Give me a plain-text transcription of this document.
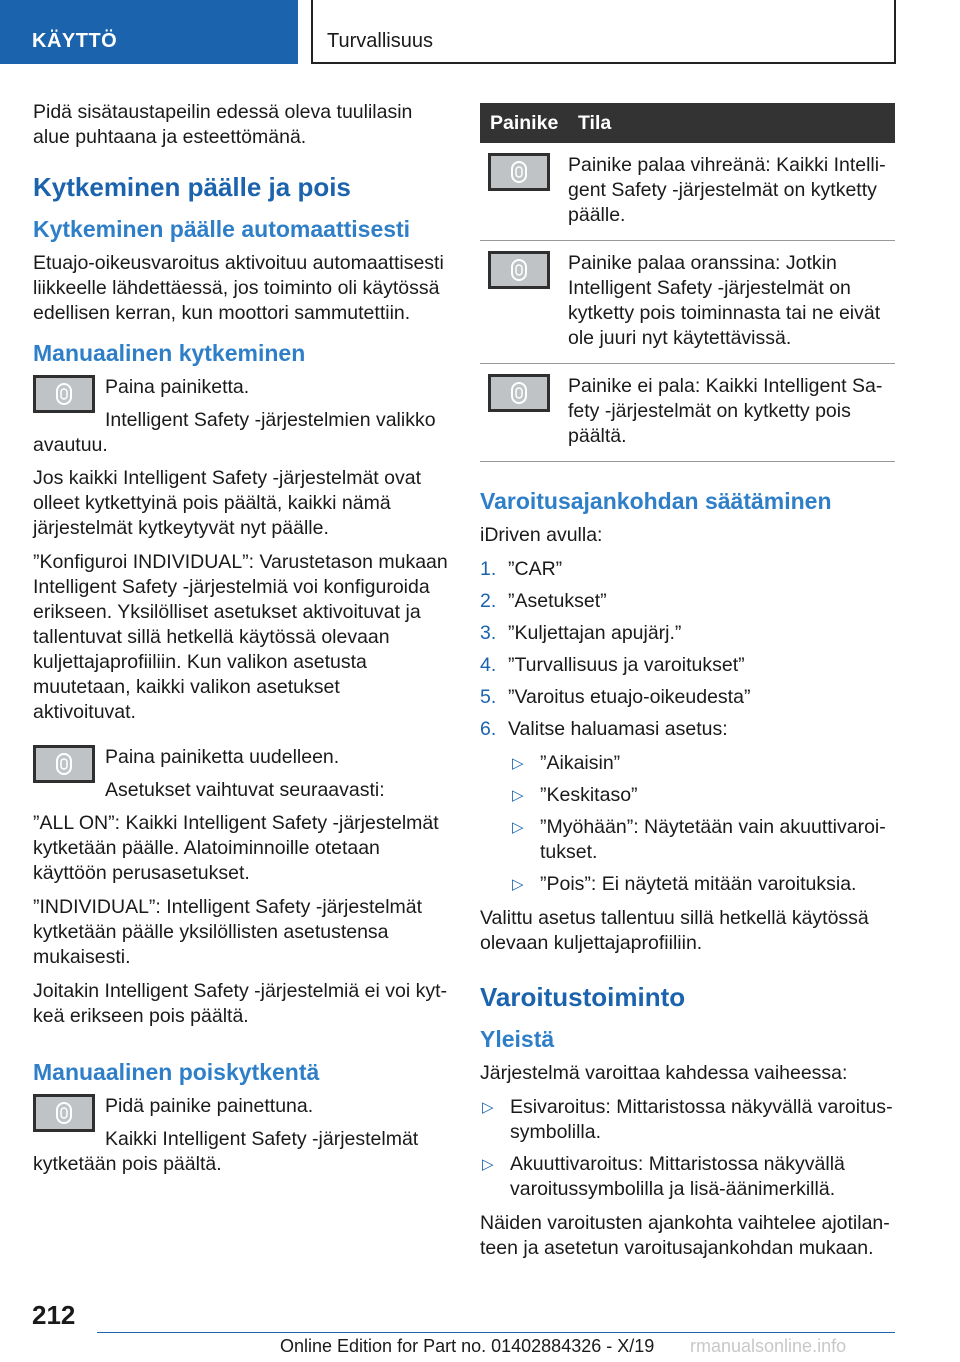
KÄYTTÖ	Turvallisuus

Pidä sisätaustapeilin edessä oleva tuulilasin alue puhtaana ja esteettömänä.

Kytkeminen päälle ja pois
Kytkeminen päälle automaattisesti

Etuajo-oikeusvaroitus aktivoituu automaattisesti liikkeelle lähdettäessä, jos toiminto oli käytössä edellisen kerran, kun moottori sammutettiin.

Manuaalinen kytkeminen

Paina painiketta.

Intelligent Safety -järjestelmien valikko avautuu.

Jos kaikki Intelligent Safety -järjestelmät ovat olleet kytkettyinä pois päältä, kaikki nämä järjestelmät kytkeytyvät nyt päälle.

”Konfiguroi INDIVIDUAL”: Varustetason mukaan Intelligent Safety -järjestelmiä voi konfiguroida erikseen. Yksilölliset asetukset aktivoituvat ja tallentuvat sillä hetkellä käytössä olevaan kuljettajaprofiiliin. Kun valikon asetusta muutetaan, kaikki valikon asetukset aktivoituvat.

Paina painiketta uudelleen.

Asetukset vaihtuvat seuraavasti:

”ALL ON”: Kaikki Intelligent Safety -järjestelmät kytketään päälle. Alatoiminnoille otetaan käyttöön perusasetukset.

”INDIVIDUAL”: Intelligent Safety -järjestelmät kytketään päälle yksilöllisten asetustensa mukaisesti.

Joitakin Intelligent Safety -järjestelmiä ei voi kytkeä erikseen pois päältä.

Manuaalinen poiskytkentä

Pidä painike painettuna.

Kaikki Intelligent Safety -järjestelmät kytketään pois päältä.

Painike	Tila

	Painike palaa vihreänä: Kaikki Intelligent Safety -järjestelmät on kytketty päälle.

	Painike palaa oranssina: Jotkin Intelligent Safety -järjestelmät on kytketty pois toiminnasta tai ne eivät ole juuri nyt käytettävissä.

	Painike ei pala: Kaikki Intelligent Safety -järjestelmät on kytketty pois päältä.
Varoitusajankohdan säätäminen

iDriven avulla:

1. ”CAR”
2. ”Asetukset”
3. ”Kuljettajan apujärj.”
4. ”Turvallisuus ja varoitukset”
5. ”Varoitus etuajo-oikeudesta”
6. Valitse haluamasi asetus:
▷ ”Aikaisin”
▷ ”Keskitaso”
▷ ”Myöhään”: Näytetään vain akuuttivaroitukset.
▷ ”Pois”: Ei näytetä mitään varoituksia.

Valittu asetus tallentuu sillä hetkellä käytössä olevaan kuljettajaprofiiliin.

Varoitustoiminto
Yleistä

Järjestelmä varoittaa kahdessa vaiheessa:

▷ Esivaroitus: Mittaristossa näkyvällä varoitussymbolilla.
▷ Akuuttivaroitus: Mittaristossa näkyvällä varoitussymbolilla ja lisä-äänimerkillä.

Näiden varoitusten ajankohta vaihtelee ajotilanteen ja asetetun varoitusajankohdan mukaan.

212
Online Edition for Part no. 01402884326 - X/19 rmanualsonline.info
